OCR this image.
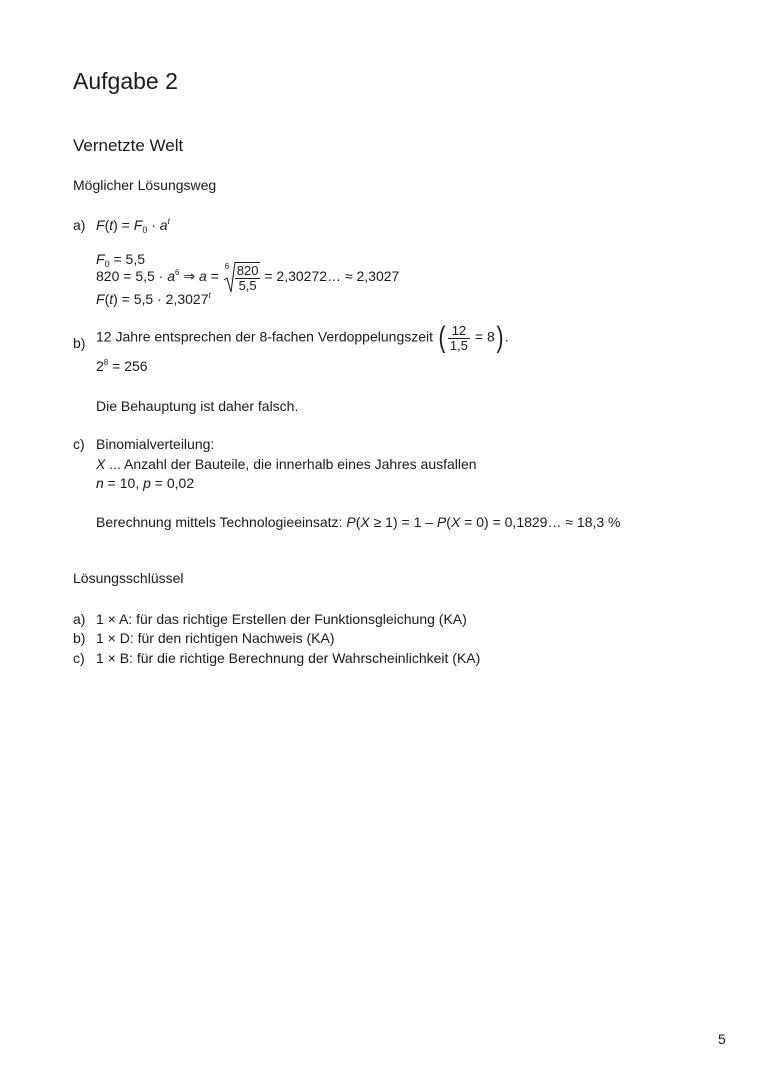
Aufgabe 2
Vernetzte Welt
Möglicher Lösungsweg
a) $F(t) = F_0 \cdot a^t$
$F_0 = 5,5$
$820 = 5,5 \cdot a^6$ ⇒ a =
$6 \frac{820}{5,5}$ = 2,30272… ≈ 2,3027
$F(t) = 5,5 \cdot 2,3027^t$
b) 12 Jahre entsprechen der 8-fachen Verdoppelungszeit ( $\frac{12}{1,5} = 8$) .
$2^8 = 256$
Die Behauptung ist daher falsch.
c) Binomialverteilung:
X ... Anzahl der Bauteile, die innerhalb eines Jahres ausfallen
n = 10, p = 0,02
Berechnung mittels Technologieeinsatz: P(X ≥ 1) = 1 – P(X = 0) = 0,1829… ≈ 18,3 %
Lösungsschlüssel
a) 1 × A: für das richtige Erstellen der Funktionsgleichung (KA)
b) 1 × D: für den richtigen Nachweis (KA)
c) 1 × B: für die richtige Berechnung der Wahrscheinlichkeit (KA)
5
